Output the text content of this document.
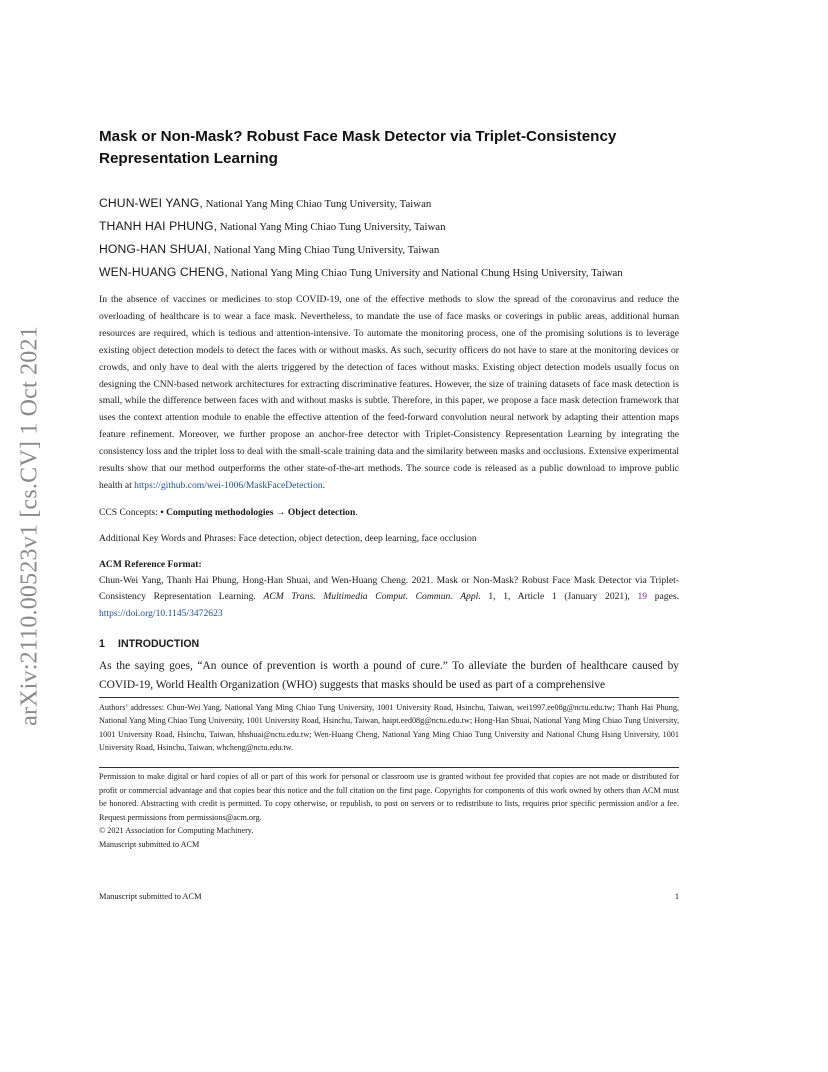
arXiv:2110.00523v1 [cs.CV] 1 Oct 2021
Mask or Non-Mask? Robust Face Mask Detector via Triplet-Consistency Representation Learning
CHUN-WEI YANG, National Yang Ming Chiao Tung University, Taiwan
THANH HAI PHUNG, National Yang Ming Chiao Tung University, Taiwan
HONG-HAN SHUAI, National Yang Ming Chiao Tung University, Taiwan
WEN-HUANG CHENG, National Yang Ming Chiao Tung University and National Chung Hsing University, Taiwan

In the absence of vaccines or medicines to stop COVID-19, one of the effective methods to slow the spread of the coronavirus and reduce the overloading of healthcare is to wear a face mask. Nevertheless, to mandate the use of face masks or coverings in public areas, additional human resources are required, which is tedious and attention-intensive. To automate the monitoring process, one of the promising solutions is to leverage existing object detection models to detect the faces with or without masks. As such, security officers do not have to stare at the monitoring devices or crowds, and only have to deal with the alerts triggered by the detection of faces without masks. Existing object detection models usually focus on designing the CNN-based network architectures for extracting discriminative features. However, the size of training datasets of face mask detection is small, while the difference between faces with and without masks is subtle. Therefore, in this paper, we propose a face mask detection framework that uses the context attention module to enable the effective attention of the feed-forward convolution neural network by adapting their attention maps feature refinement. Moreover, we further propose an anchor-free detector with Triplet-Consistency Representation Learning by integrating the consistency loss and the triplet loss to deal with the small-scale training data and the similarity between masks and occlusions. Extensive experimental results show that our method outperforms the other state-of-the-art methods. The source code is released as a public download to improve public health at https://github.com/wei-1006/MaskFaceDetection.

CCS Concepts: • Computing methodologies → Object detection.

Additional Key Words and Phrases: Face detection, object detection, deep learning, face occlusion

ACM Reference Format:

Chun-Wei Yang, Thanh Hai Phung, Hong-Han Shuai, and Wen-Huang Cheng. 2021. Mask or Non-Mask? Robust Face Mask Detector via Triplet-Consistency Representation Learning. ACM Trans. Multimedia Comput. Commun. Appl. 1, 1, Article 1 (January 2021), 19 pages. https://doi.org/10.1145/3472623

1 INTRODUCTION

As the saying goes, “An ounce of prevention is worth a pound of cure.” To alleviate the burden of healthcare caused by COVID-19, World Health Organization (WHO) suggests that masks should be used as part of a comprehensive

Authors’ addresses: Chun-Wei Yang, National Yang Ming Chiao Tung University, 1001 University Road, Hsinchu, Taiwan, wei1997.ee08g@nctu.edu.tw; Thanh Hai Phung, National Yang Ming Chiao Tung University, 1001 University Road, Hsinchu, Taiwan, haipt.eed08g@nctu.edu.tw; Hong-Han Shuai, National Yang Ming Chiao Tung University, 1001 University Road, Hsinchu, Taiwan, hhshuai@nctu.edu.tw; Wen-Huang Cheng, National Yang Ming Chiao Tung University and National Chung Hsing University, 1001 University Road, Hsinchu, Taiwan, whcheng@nctu.edu.tw.

Permission to make digital or hard copies of all or part of this work for personal or classroom use is granted without fee provided that copies are not made or distributed for profit or commercial advantage and that copies bear this notice and the full citation on the first page. Copyrights for components of this work owned by others than ACM must be honored. Abstracting with credit is permitted. To copy otherwise, or republish, to post on servers or to redistribute to lists, requires prior specific permission and/or a fee. Request permissions from permissions@acm.org.

© 2021 Association for Computing Machinery.

Manuscript submitted to ACM

Manuscript submitted to ACM	1
